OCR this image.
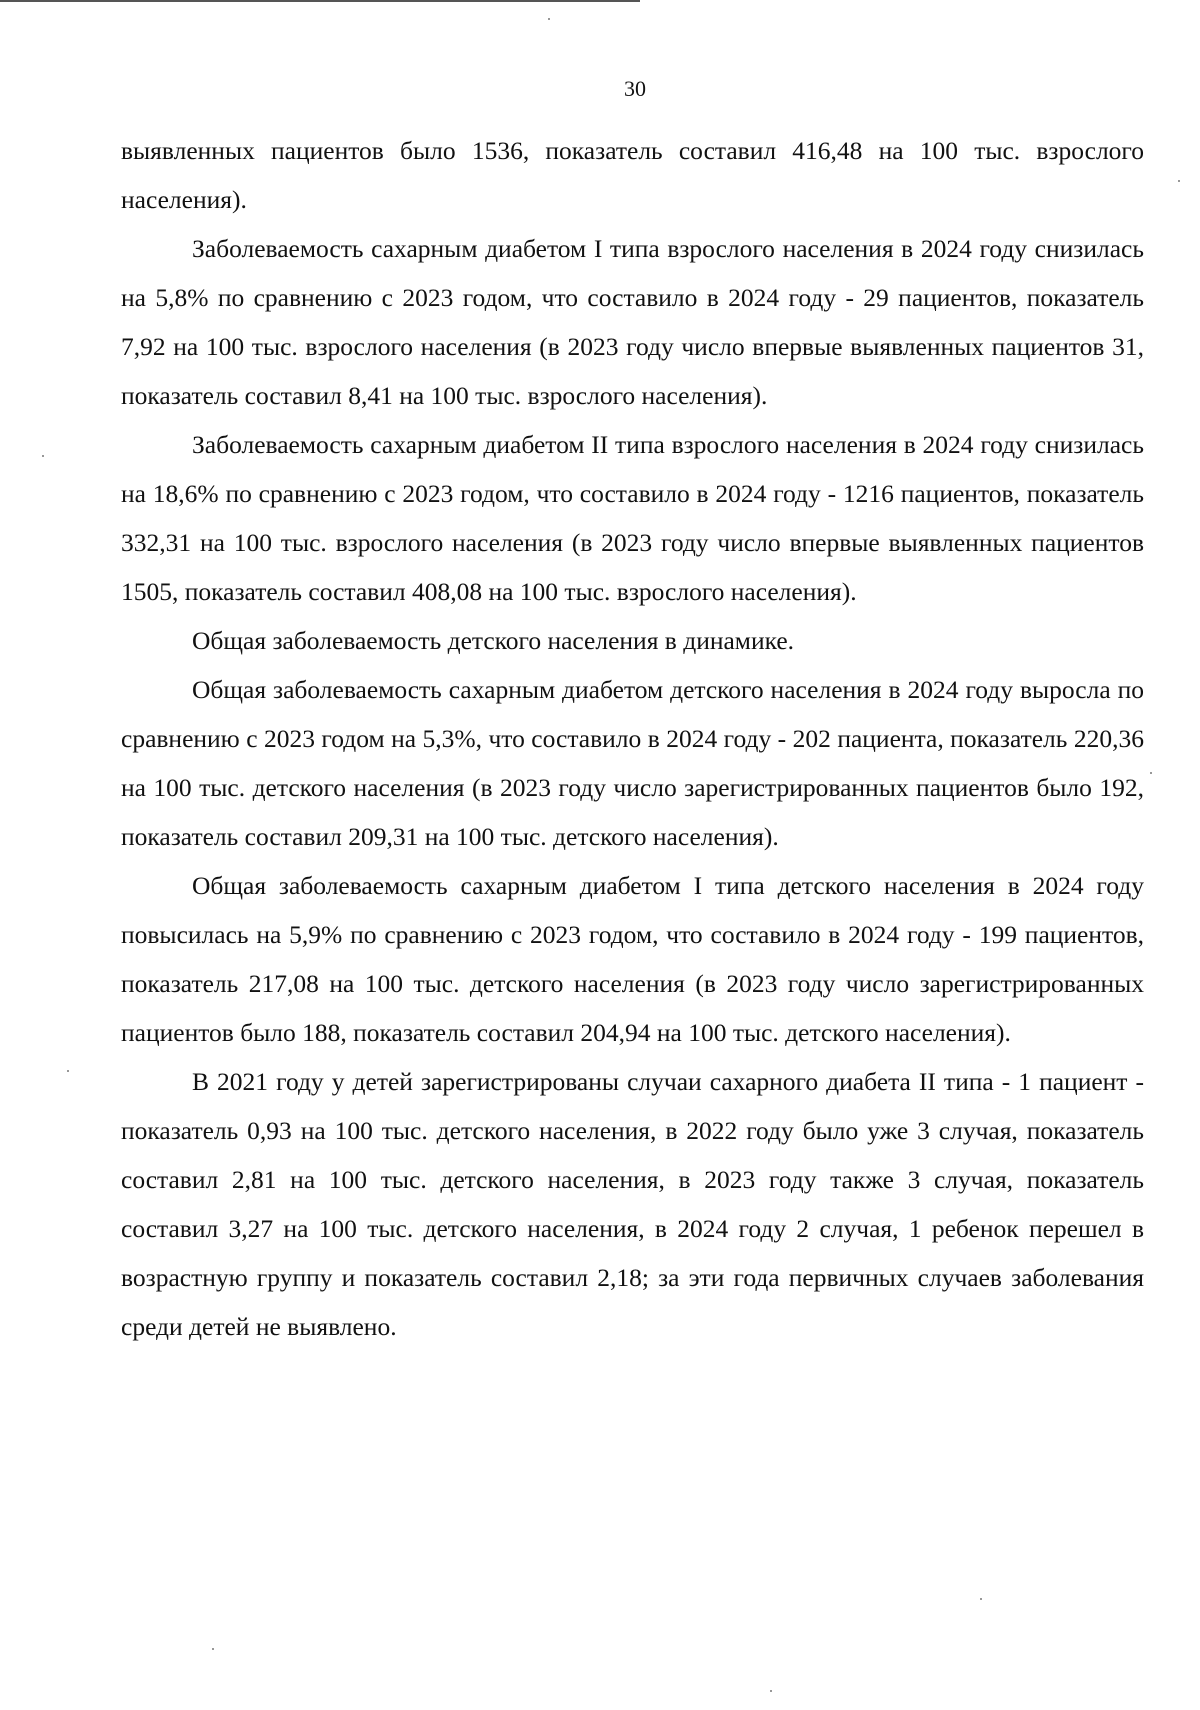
30

выявленных пациентов было 1536, показатель составил 416,48 на 100 тыс. взрослого населения).

Заболеваемость сахарным диабетом I типа взрослого населения в 2024 году снизилась на 5,8% по сравнению с 2023 годом, что составило в 2024 году - 29 пациентов, показатель 7,92 на 100 тыс. взрослого населения (в 2023 году число впервые выявленных пациентов 31, показатель составил 8,41 на 100 тыс. взрослого населения).

Заболеваемость сахарным диабетом II типа взрослого населения в 2024 году снизилась на 18,6% по сравнению с 2023 годом, что составило в 2024 году - 1216 пациентов, показатель 332,31 на 100 тыс. взрослого населения (в 2023 году число впервые выявленных пациентов 1505, показатель составил 408,08 на 100 тыс. взрослого населения).

Общая заболеваемость детского населения в динамике.

Общая заболеваемость сахарным диабетом детского населения в 2024 году выросла по сравнению с 2023 годом на 5,3%, что составило в 2024 году - 202 пациента, показатель 220,36 на 100 тыс. детского населения (в 2023 году число зарегистрированных пациентов было 192, показатель составил 209,31 на 100 тыс. детского населения).

Общая заболеваемость сахарным диабетом I типа детского населения в 2024 году повысилась на 5,9% по сравнению с 2023 годом, что составило в 2024 году - 199 пациентов, показатель 217,08 на 100 тыс. детского населения (в 2023 году число зарегистрированных пациентов было 188, показатель составил 204,94 на 100 тыс. детского населения).

В 2021 году у детей зарегистрированы случаи сахарного диабета II типа - 1 пациент - показатель 0,93 на 100 тыс. детского населения, в 2022 году было уже 3 случая, показатель составил 2,81 на 100 тыс. детского населения, в 2023 году также 3 случая, показатель составил 3,27 на 100 тыс. детского населения, в 2024 году 2 случая, 1 ребенок перешел в возрастную группу и показатель составил 2,18; за эти года первичных случаев заболевания среди детей не выявлено.
